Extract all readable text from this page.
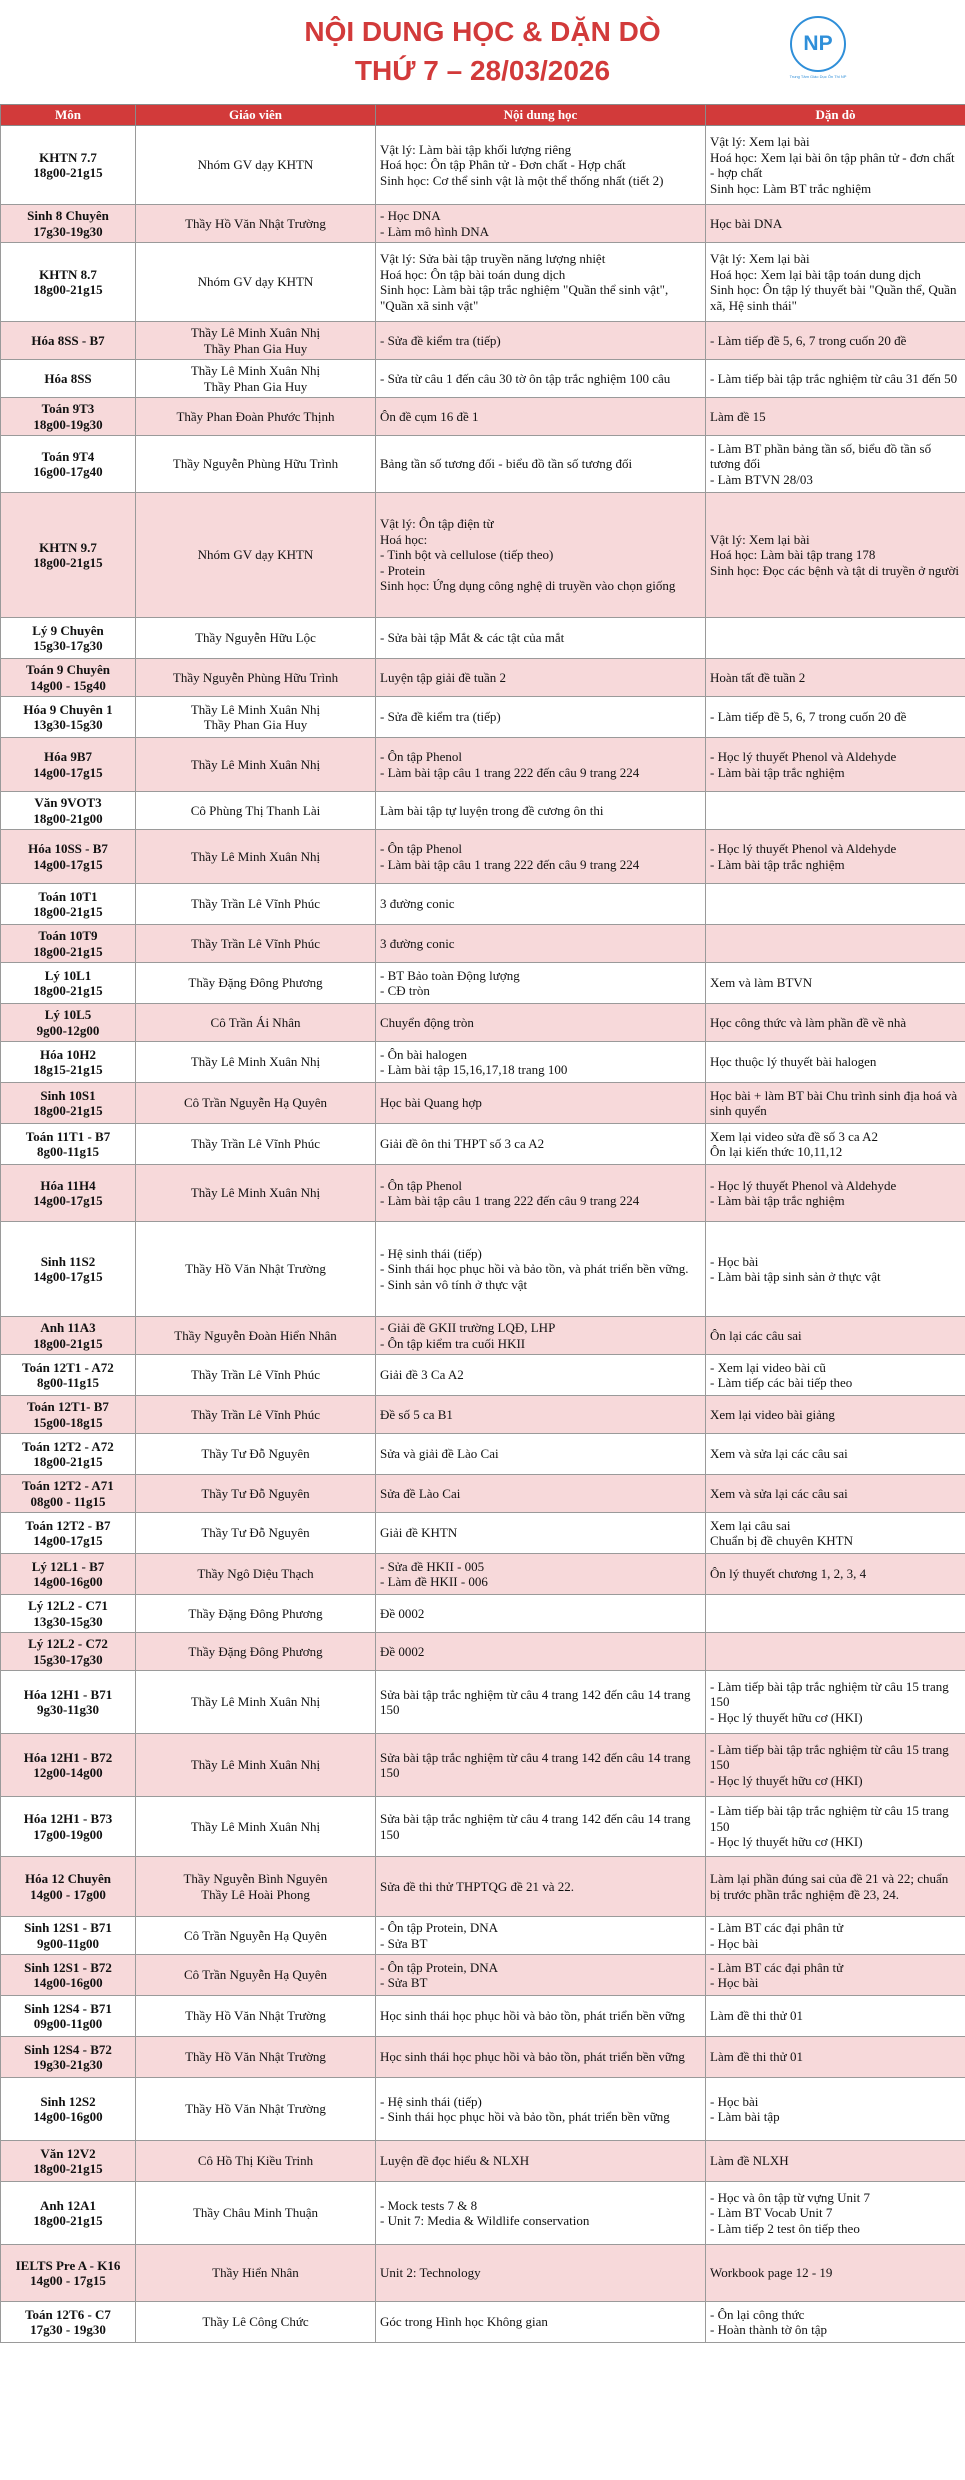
NỘI DUNG HỌC & DẶN DÒ
THỨ 7 – 28/03/2026
NP
Trung Tâm Giáo Dục Ôn Thi NP
Môn	Giáo viên	Nội dung học	Dặn dò

KHTN 7.7
18g00-21g15	Nhóm GV dạy KHTN	Vật lý: Làm bài tập khối lượng riêng
Hoá học: Ôn tập Phân tử - Đơn chất - Hợp chất
Sinh học: Cơ thể sinh vật là một thể thống nhất (tiết 2)	Vật lý: Xem lại bài
Hoá học: Xem lại bài ôn tập phân tử - đơn chất - hợp chất
Sinh học: Làm BT trắc nghiệm

Sinh 8 Chuyên
17g30-19g30	Thầy Hồ Văn Nhật Trường	- Học DNA
- Làm mô hình DNA	Học bài DNA

KHTN 8.7
18g00-21g15	Nhóm GV dạy KHTN	Vật lý: Sửa bài tập truyền năng lượng nhiệt
Hoá học: Ôn tập bài toán dung dịch
Sinh học: Làm bài tập trắc nghiệm "Quần thể sinh vật", "Quần xã sinh vật"	Vật lý: Xem lại bài
Hoá học: Xem lại bài tập toán dung dịch
Sinh học: Ôn tập lý thuyết bài "Quần thể, Quần xã, Hệ sinh thái"

Hóa 8SS - B7	Thầy Lê Minh Xuân Nhị
Thầy Phan Gia Huy	- Sửa đề kiểm tra (tiếp)	- Làm tiếp đề 5, 6, 7 trong cuốn 20 đề

Hóa 8SS	Thầy Lê Minh Xuân Nhị
Thầy Phan Gia Huy	- Sửa từ câu 1 đến câu 30 tờ ôn tập trắc nghiệm 100 câu	- Làm tiếp bài tập trắc nghiệm từ câu 31 đến 50

Toán 9T3
18g00-19g30	Thầy Phan Đoàn Phước Thịnh	Ôn đề cụm 16 đề 1	Làm đề 15

Toán 9T4
16g00-17g40	Thầy Nguyễn Phùng Hữu Trình	Bảng tần số tương đối - biểu đồ tần số tương đối	- Làm BT phần bảng tần số, biểu đồ tần số tương đối
- Làm BTVN 28/03

KHTN 9.7
18g00-21g15	Nhóm GV dạy KHTN	Vật lý: Ôn tập điện từ
Hoá học:
- Tinh bột và cellulose (tiếp theo)
- Protein
Sinh học: Ứng dụng công nghệ di truyền vào chọn giống	Vật lý: Xem lại bài
Hoá học: Làm bài tập trang 178
Sinh học: Đọc các bệnh và tật di truyền ở người

Lý 9 Chuyên
15g30-17g30	Thầy Nguyễn Hữu Lộc	- Sửa bài tập Mắt & các tật của mắt	

Toán 9 Chuyên
14g00 - 15g40	Thầy Nguyễn Phùng Hữu Trình	Luyện tập giải đề tuần 2	Hoàn tất đề tuần 2

Hóa 9 Chuyên 1
13g30-15g30	Thầy Lê Minh Xuân Nhị
Thầy Phan Gia Huy	- Sửa đề kiểm tra (tiếp)	- Làm tiếp đề 5, 6, 7 trong cuốn 20 đề

Hóa 9B7
14g00-17g15	Thầy Lê Minh Xuân Nhị	- Ôn tập Phenol
- Làm bài tập câu 1 trang 222 đến câu 9 trang 224	- Học lý thuyết Phenol và Aldehyde
- Làm bài tập trắc nghiệm

Văn 9VOT3
18g00-21g00	Cô Phùng Thị Thanh Lài	Làm bài tập tự luyện trong đề cương ôn thi	

Hóa 10SS - B7
14g00-17g15	Thầy Lê Minh Xuân Nhị	- Ôn tập Phenol
- Làm bài tập câu 1 trang 222 đến câu 9 trang 224	- Học lý thuyết Phenol và Aldehyde
- Làm bài tập trắc nghiệm

Toán 10T1
18g00-21g15	Thầy Trần Lê Vĩnh Phúc	3 đường conic	

Toán 10T9
18g00-21g15	Thầy Trần Lê Vĩnh Phúc	3 đường conic	

Lý 10L1
18g00-21g15	Thầy Đặng Đông Phương	- BT Bảo toàn Động lượng
- CĐ tròn	Xem và làm BTVN

Lý 10L5
9g00-12g00	Cô Trần Ái Nhân	Chuyển động tròn	Học công thức và làm phần đề về nhà

Hóa 10H2
18g15-21g15	Thầy Lê Minh Xuân Nhị	- Ôn bài halogen
- Làm bài tập 15,16,17,18 trang 100	Học thuộc lý thuyết bài halogen

Sinh 10S1
18g00-21g15	Cô Trần Nguyễn Hạ Quyên	Học bài Quang hợp	Học bài + làm BT bài Chu trình sinh địa hoá và sinh quyển

Toán 11T1 - B7
8g00-11g15	Thầy Trần Lê Vĩnh Phúc	Giải đề ôn thi THPT số 3 ca A2	Xem lại video sửa đề số 3 ca A2
Ôn lại kiến thức 10,11,12

Hóa 11H4
14g00-17g15	Thầy Lê Minh Xuân Nhị	- Ôn tập Phenol
- Làm bài tập câu 1 trang 222 đến câu 9 trang 224	- Học lý thuyết Phenol và Aldehyde
- Làm bài tập trắc nghiệm

Sinh 11S2
14g00-17g15	Thầy Hồ Văn Nhật Trường	- Hệ sinh thái (tiếp)
- Sinh thái học phục hồi và bảo tồn, và phát triển bền vững.
- Sinh sản vô tính ở thực vật	- Học bài
- Làm bài tập sinh sản ở thực vật

Anh 11A3
18g00-21g15	Thầy Nguyễn Đoàn Hiển Nhân	- Giải đề GKII trường LQĐ, LHP
- Ôn tập kiểm tra cuối HKII	Ôn lại các câu sai

Toán 12T1 - A72
8g00-11g15	Thầy Trần Lê Vĩnh Phúc	Giải đề 3 Ca A2	- Xem lại video bài cũ
- Làm tiếp các bài tiếp theo

Toán 12T1- B7
15g00-18g15	Thầy Trần Lê Vĩnh Phúc	Đề số 5 ca B1	Xem lại video bài giảng

Toán 12T2 - A72
18g00-21g15	Thầy Tư Đỗ Nguyên	Sửa và giải đề Lào Cai	Xem và sửa lại các câu sai

Toán 12T2 - A71
08g00 - 11g15	Thầy Tư Đỗ Nguyên	Sửa đề Lào Cai	Xem và sửa lại các câu sai

Toán 12T2 - B7
14g00-17g15	Thầy Tư Đỗ Nguyên	Giải đề KHTN	Xem lại câu sai
Chuẩn bị đề chuyên KHTN

Lý 12L1 - B7
14g00-16g00	Thầy Ngô Diệu Thạch	- Sửa đề HKII - 005
- Làm đề HKII - 006	Ôn lý thuyết chương 1, 2, 3, 4

Lý 12L2 - C71
13g30-15g30	Thầy Đặng Đông Phương	Đề 0002	

Lý 12L2 - C72
15g30-17g30	Thầy Đặng Đông Phương	Đề 0002	

Hóa 12H1 - B71
9g30-11g30	Thầy Lê Minh Xuân Nhị	Sửa bài tập trắc nghiệm từ câu 4 trang 142 đến câu 14 trang 150	- Làm tiếp bài tập trắc nghiệm từ câu 15 trang 150
- Học lý thuyết hữu cơ (HKI)

Hóa 12H1 - B72
12g00-14g00	Thầy Lê Minh Xuân Nhị	Sửa bài tập trắc nghiệm từ câu 4 trang 142 đến câu 14 trang 150	- Làm tiếp bài tập trắc nghiệm từ câu 15 trang 150
- Học lý thuyết hữu cơ (HKI)

Hóa 12H1 - B73
17g00-19g00	Thầy Lê Minh Xuân Nhị	Sửa bài tập trắc nghiệm từ câu 4 trang 142 đến câu 14 trang 150	- Làm tiếp bài tập trắc nghiệm từ câu 15 trang 150
- Học lý thuyết hữu cơ (HKI)

Hóa 12 Chuyên
14g00 - 17g00	Thầy Nguyễn Bình Nguyên
Thầy Lê Hoài Phong	Sửa đề thi thử THPTQG đề 21 và 22.	Làm lại phần đúng sai của đề 21 và 22; chuẩn bị trước phần trắc nghiệm đề 23, 24.

Sinh 12S1 - B71
9g00-11g00	Cô Trần Nguyễn Hạ Quyên	- Ôn tập Protein, DNA
- Sửa BT	- Làm BT các đại phân tử
- Học bài

Sinh 12S1 - B72
14g00-16g00	Cô Trần Nguyễn Hạ Quyên	- Ôn tập Protein, DNA
- Sửa BT	- Làm BT các đại phân tử
- Học bài

Sinh 12S4 - B71
09g00-11g00	Thầy Hồ Văn Nhật Trường	Học sinh thái học phục hồi và bảo tồn, phát triển bền vững	Làm đề thi thử 01

Sinh 12S4 - B72
19g30-21g30	Thầy Hồ Văn Nhật Trường	Học sinh thái học phục hồi và bảo tồn, phát triển bền vững	Làm đề thi thử 01

Sinh 12S2
14g00-16g00	Thầy Hồ Văn Nhật Trường	- Hệ sinh thái (tiếp)
- Sinh thái học phục hồi và bảo tồn, phát triển bền vững	- Học bài
- Làm bài tập

Văn 12V2
18g00-21g15	Cô Hồ Thị Kiều Trinh	Luyện đề đọc hiểu & NLXH	Làm đề NLXH

Anh 12A1
18g00-21g15	Thầy Châu Minh Thuận	- Mock tests 7 & 8
- Unit 7: Media & Wildlife conservation	- Học và ôn tập từ vựng Unit 7
- Làm BT Vocab Unit 7
- Làm tiếp 2 test ôn tiếp theo

IELTS Pre A - K16
14g00 - 17g15	Thầy Hiển Nhân	Unit 2: Technology	Workbook page 12 - 19

Toán 12T6 - C7
17g30 - 19g30	Thầy Lê Công Chức	Góc trong Hình học Không gian	- Ôn lại công thức
- Hoàn thành tờ ôn tập
